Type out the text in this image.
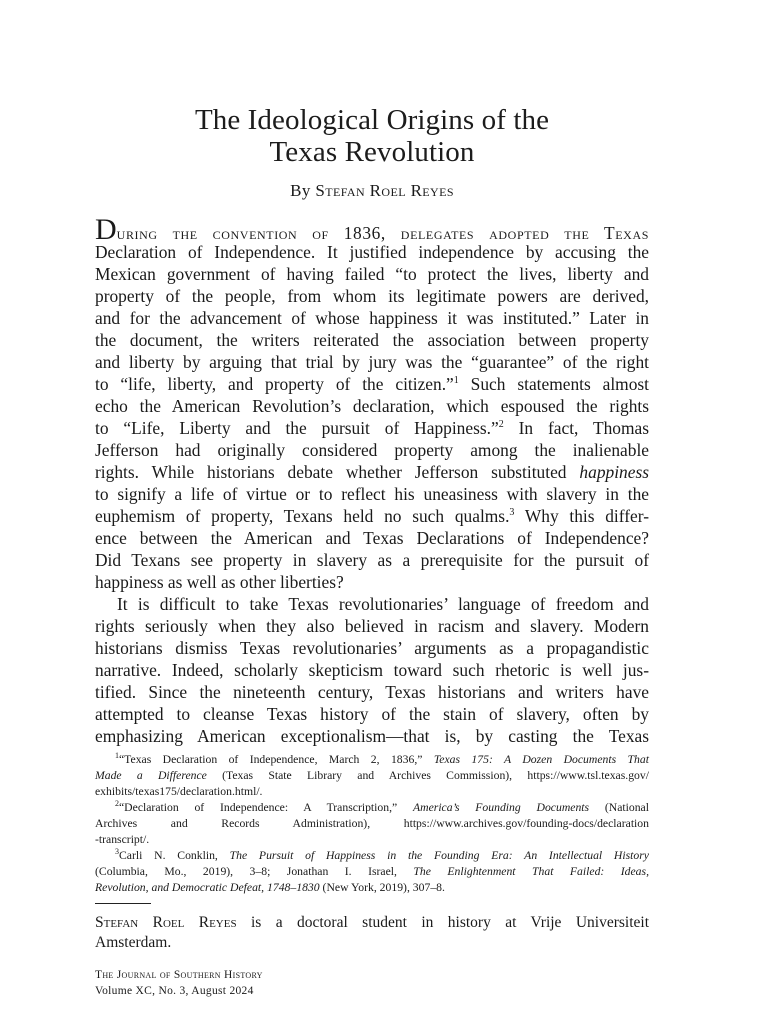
The Ideological Origins of the
Texas Revolution
By Stefan Roel Reyes
During the convention of 1836, delegates adopted the Texas
Declaration of Independence. It justified independence by accusing the
Mexican government of having failed “to protect the lives, liberty and
property of the people, from whom its legitimate powers are derived,
and for the advancement of whose happiness it was instituted.” Later in
the document, the writers reiterated the association between property
and liberty by arguing that trial by jury was the “guarantee” of the right
to “life, liberty, and property of the citizen.”$^1$ Such statements almost
echo the American Revolution’s declaration, which espoused the rights
to “Life, Liberty and the pursuit of Happiness.”$^2$ In fact, Thomas
Jefferson had originally considered property among the inalienable
rights. While historians debate whether Jefferson substituted happiness
to signify a life of virtue or to reflect his uneasiness with slavery in the
euphemism of property, Texans held no such qualms.$^3$ Why this differ-
ence between the American and Texas Declarations of Independence?
Did Texans see property in slavery as a prerequisite for the pursuit of
happiness as well as other liberties?
It is difficult to take Texas revolutionaries’ language of freedom and
rights seriously when they also believed in racism and slavery. Modern
historians dismiss Texas revolutionaries’ arguments as a propagandistic
narrative. Indeed, scholarly skepticism toward such rhetoric is well jus-
tified. Since the nineteenth century, Texas historians and writers have
attempted to cleanse Texas history of the stain of slavery, often by
emphasizing American exceptionalism—that is, by casting the Texas
$^1$“Texas Declaration of Independence, March 2, 1836,” Texas 175: A Dozen Documents That
Made a Difference (Texas State Library and Archives Commission), https://www.tsl.texas.gov/
exhibits/texas175/declaration.html/.
$^2$“Declaration of Independence: A Transcription,” America’s Founding Documents (National
Archives and Records Administration), https://www.archives.gov/founding-docs/declaration
-transcript/.
$^3$Carli N. Conklin, The Pursuit of Happiness in the Founding Era: An Intellectual History
(Columbia, Mo., 2019), 3–8; Jonathan I. Israel, The Enlightenment That Failed: Ideas,
Revolution, and Democratic Defeat, 1748–1830 (New York, 2019), 307–8.
Stefan Roel Reyes is a doctoral student in history at Vrije Universiteit
Amsterdam.
The Journal of Southern History
Volume XC, No. 3, August 2024
